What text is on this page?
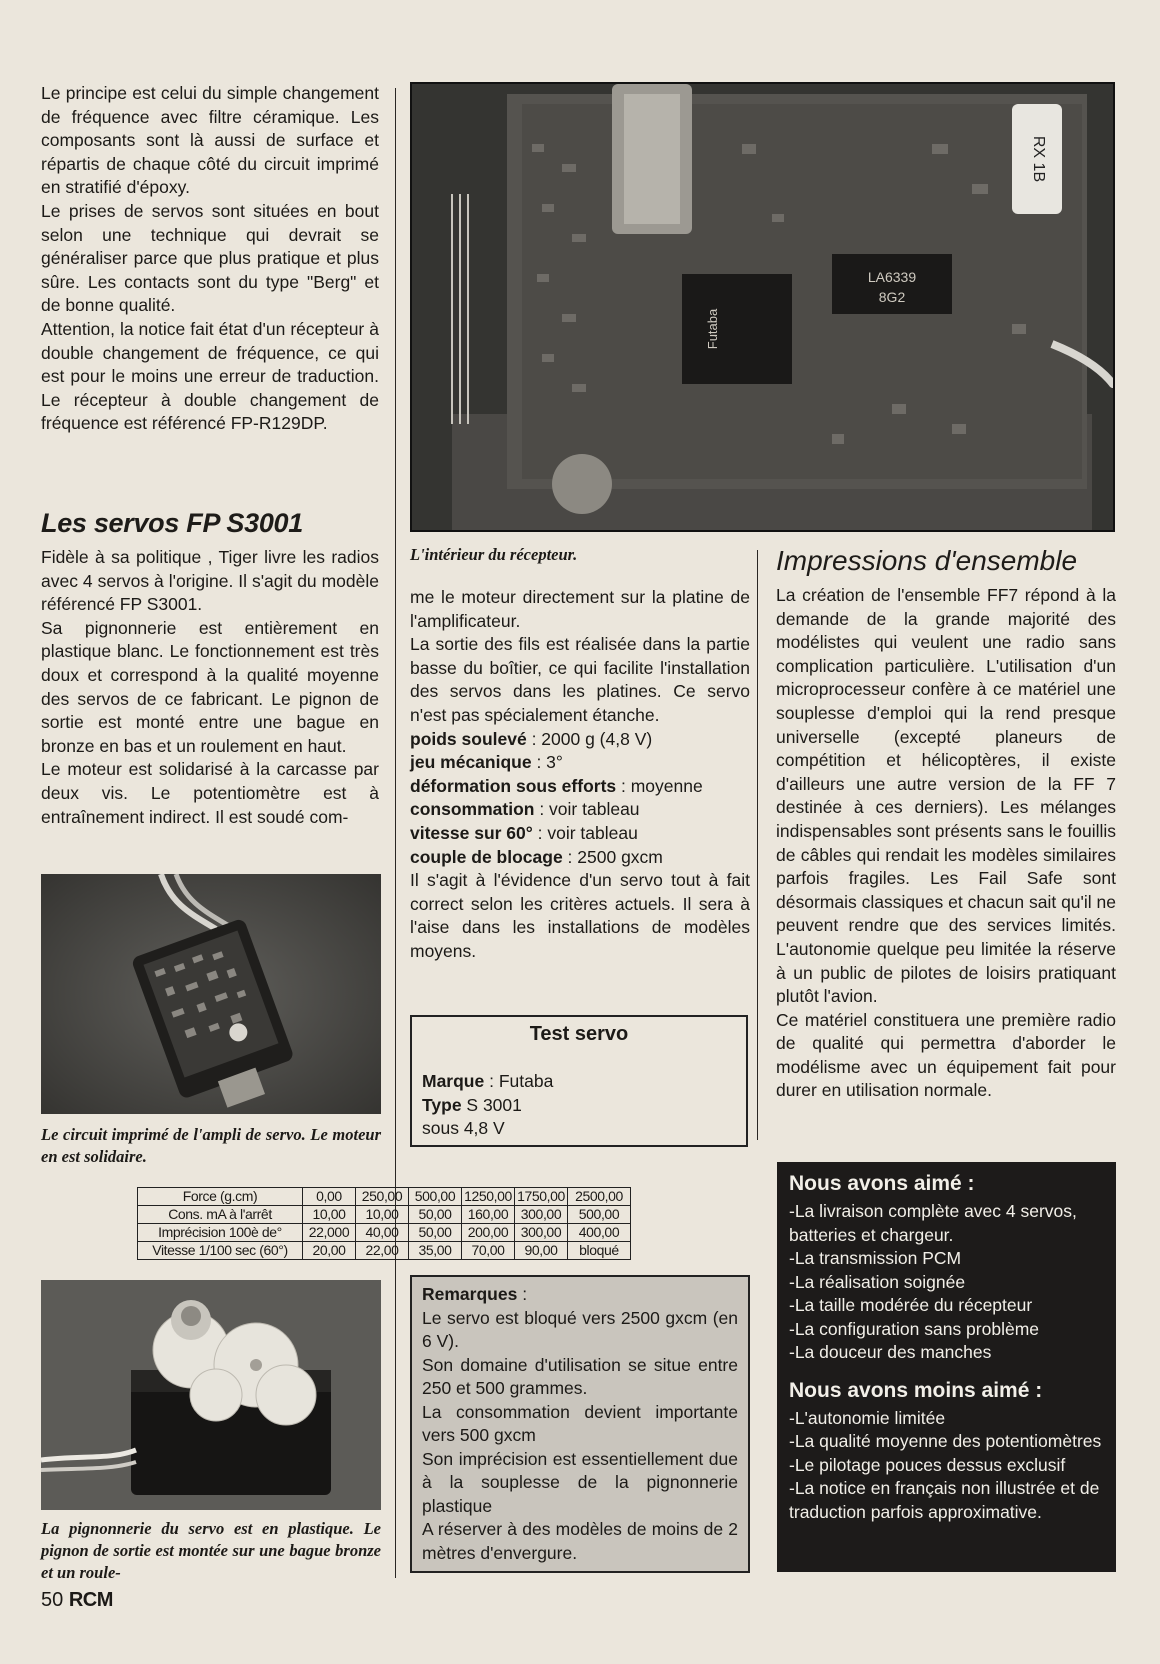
Le principe est celui du simple changement de fréquence avec filtre céramique. Les composants sont là aussi de surface et répartis de chaque côté du circuit imprimé en stratifié d'époxy.

Le prises de servos sont situées en bout selon une technique qui devrait se généraliser parce que plus pratique et plus sûre. Les contacts sont du type "Berg" et de bonne qualité.

Attention, la notice fait état d'un récepteur à double changement de fréquence, ce qui est pour le moins une erreur de traduction. Le récepteur à double changement de fréquence est référencé FP-R129DP.

Les servos FP S3001

Fidèle à sa politique , Tiger livre les radios avec 4 servos à l'origine. Il s'agit du modèle référencé FP S3001.

Sa pignonnerie est entièrement en plastique blanc. Le fonctionnement est très doux et correspond à la qualité moyenne des servos de ce fabricant. Le pignon de sortie est monté entre une bague en bronze en bas et un roulement en haut.

Le moteur est solidarisé à la carcasse par deux vis. Le potentiomètre est à entraînement indirect. Il est soudé com-

Le circuit imprimé de l'ampli de servo. Le moteur en est solidaire.
Futaba
LA6339
8G2
RX 1B
L'intérieur du récepteur.

me le moteur directement sur la platine de l'amplificateur.

La sortie des fils est réalisée dans la partie basse du boîtier, ce qui facilite l'installation des servos dans les platines. Ce servo n'est pas spécialement étanche.

poids soulevé : 2000 g (4,8 V)

jeu mécanique : 3°

déformation sous efforts : moyenne

consommation : voir tableau

vitesse sur 60° : voir tableau

couple de blocage : 2500 gxcm

Il s'agit à l'évidence d'un servo tout à fait correct selon les critères actuels. Il sera à l'aise dans les installations de modèles moyens.

Test servo

Marque : Futaba

Type S 3001

sous 4,8 V

Force (g.cm)	0,00	250,00	500,00	1250,00	1750,00	2500,00
Cons. mA à l'arrêt	10,00	10,00	50,00	160,00	300,00	500,00
Imprécision 100è de°	22,000	40,00	50,00	200,00	300,00	400,00
Vitesse 1/100 sec (60°)	20,00	22,00	35,00	70,00	90,00	bloqué
La pignonnerie du servo est en plastique. Le pignon de sortie est montée sur une bague bronze et un roule-

Remarques :

Le servo est bloqué vers 2500 gxcm (en 6 V).

Son domaine d'utilisation se situe entre 250 et 500 grammes.

La consommation devient importante vers 500 gxcm

Son imprécision est essentiellement due à la souplesse de la pignonnerie plastique

A réserver à des modèles de moins de 2 mètres d'envergure.

Impressions d'ensemble

La création de l'ensemble FF7 répond à la demande de la grande majorité des modélistes qui veulent une radio sans complication particulière. L'utilisation d'un microprocesseur confère à ce matériel une souplesse d'emploi qui la rend presque universelle (excepté planeurs de compétition et hélicoptères, il existe d'ailleurs une autre version de la FF 7 destinée à ces derniers). Les mélanges indispensables sont présents sans le fouillis de câbles qui rendait les modèles similaires parfois fragiles. Les Fail Safe sont désormais classiques et chacun sait qu'il ne peuvent rendre que des services limités. L'autonomie quelque peu limitée la réserve à un public de pilotes de loisirs pratiquant plutôt l'avion.

Ce matériel constituera une première radio de qualité qui permettra d'aborder le modélisme avec un équipement fait pour durer en utilisation normale.

Nous avons aimé :

-La livraison complète avec 4 servos, batteries et chargeur.

-La transmission PCM

-La réalisation soignée

-La taille modérée du récepteur

-La configuration sans problème

-La douceur des manches

Nous avons moins aimé :

-L'autonomie limitée

-La qualité moyenne des potentiomètres

-Le pilotage pouces dessus exclusif

-La notice en français non illustrée et de traduction parfois approximative.

50 RCM
